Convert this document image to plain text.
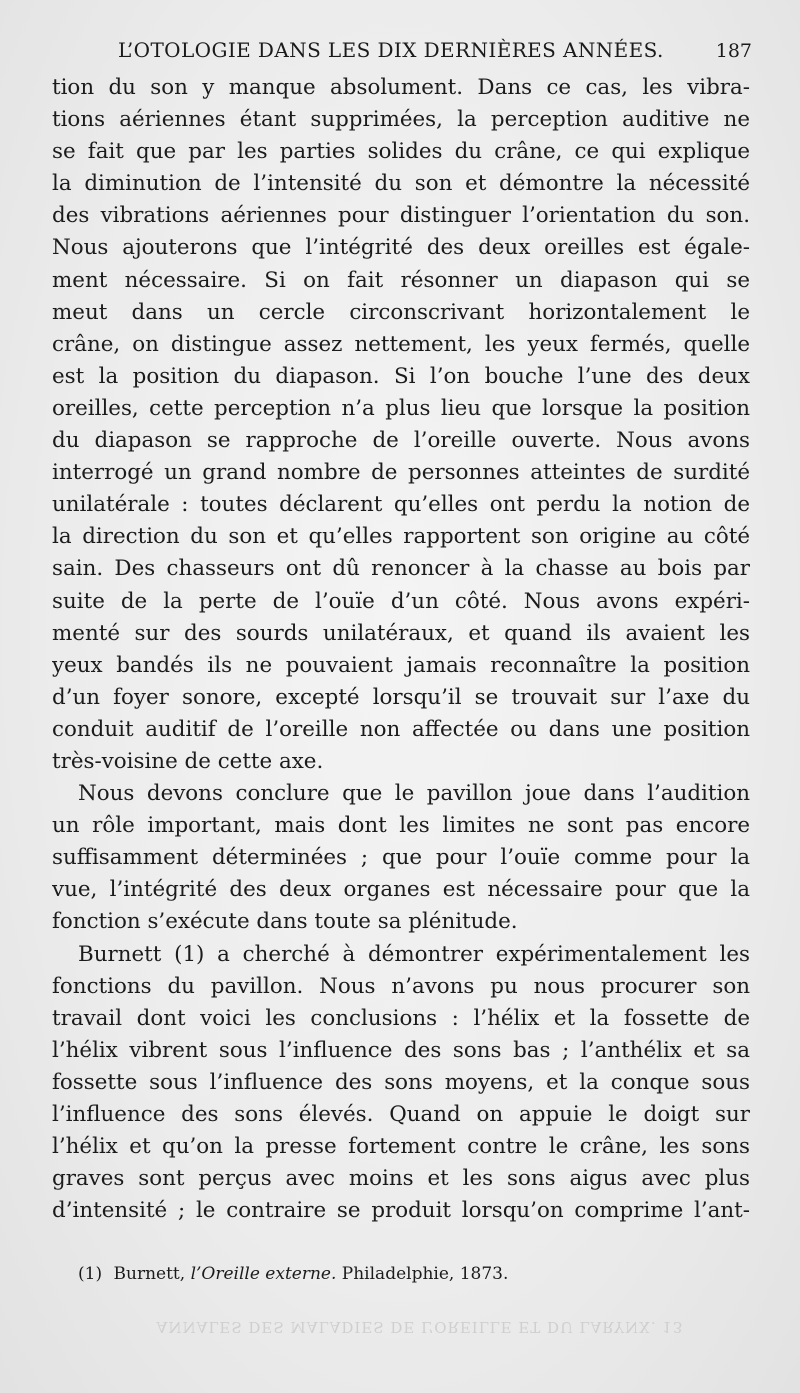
ANNALES DES MALADIES DE L’OREILLE ET DU LARYNX. 13
L’OTOLOGIE DANS LES DIX DERNIÈRES ANNÉES.	187
tion du son y manque absolument. Dans ce cas, les vibra-
tions aériennes étant supprimées, la perception auditive ne
se fait que par les parties solides du crâne, ce qui explique
la diminution de l’intensité du son et démontre la nécessité
des vibrations aériennes pour distinguer l’orientation du son.
Nous ajouterons que l’intégrité des deux oreilles est égale-
ment nécessaire. Si on fait résonner un diapason qui se
meut dans un cercle circonscrivant horizontalement le
crâne, on distingue assez nettement, les yeux fermés, quelle
est la position du diapason. Si l’on bouche l’une des deux
oreilles, cette perception n’a plus lieu que lorsque la position
du diapason se rapproche de l’oreille ouverte. Nous avons
interrogé un grand nombre de personnes atteintes de surdité
unilatérale : toutes déclarent qu’elles ont perdu la notion de
la direction du son et qu’elles rapportent son origine au côté
sain. Des chasseurs ont dû renoncer à la chasse au bois par
suite de la perte de l’ouïe d’un côté. Nous avons expéri-
menté sur des sourds unilatéraux, et quand ils avaient les
yeux bandés ils ne pouvaient jamais reconnaître la position
d’un foyer sonore, excepté lorsqu’il se trouvait sur l’axe du
conduit auditif de l’oreille non affectée ou dans une position
très-voisine de cette axe.
Nous devons conclure que le pavillon joue dans l’audition
un rôle important, mais dont les limites ne sont pas encore
suffisamment déterminées ; que pour l’ouïe comme pour la
vue, l’intégrité des deux organes est nécessaire pour que la
fonction s’exécute dans toute sa plénitude.
Burnett (1) a cherché à démontrer expérimentalement les
fonctions du pavillon. Nous n’avons pu nous procurer son
travail dont voici les conclusions : l’hélix et la fossette de
l’hélix vibrent sous l’influence des sons bas ; l’anthélix et sa
fossette sous l’influence des sons moyens, et la conque sous
l’influence des sons élevés. Quand on appuie le doigt sur
l’hélix et qu’on la presse fortement contre le crâne, les sons
graves sont perçus avec moins et les sons aigus avec plus
d’intensité ; le contraire se produit lorsqu’on comprime l’ant-
(1) Burnett, l’Oreille externe. Philadelphie, 1873.
